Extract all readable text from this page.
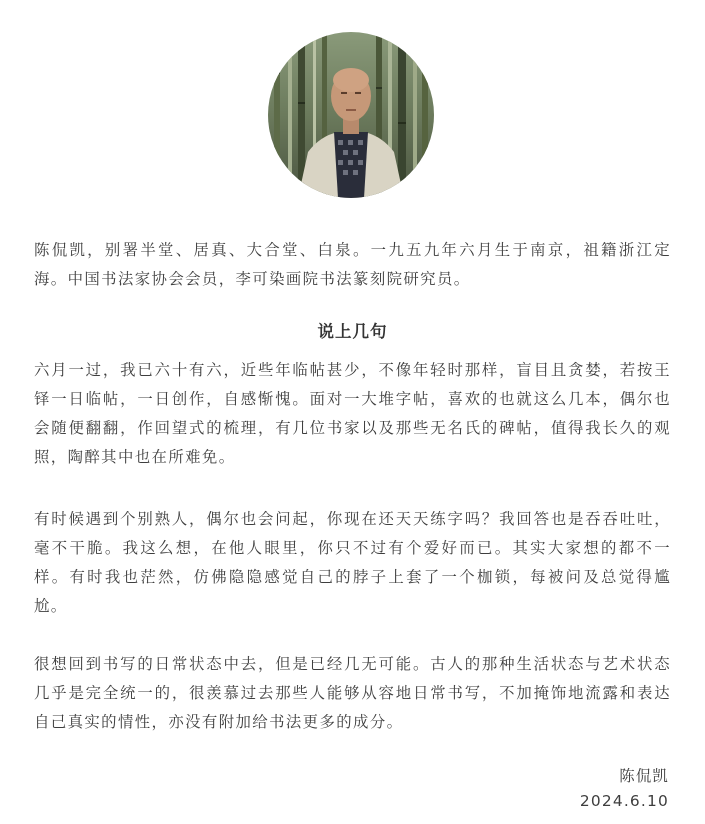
陈侃凯，别署半堂、居真、大合堂、白泉。一九五九年六月生于南京，祖籍浙江定海。中国书法家协会会员，李可染画院书法篆刻院研究员。

说上几句

六月一过，我已六十有六，近些年临帖甚少，不像年轻时那样，盲目且贪婪，若按王铎一日临帖，一日创作，自感惭愧。面对一大堆字帖，喜欢的也就这么几本，偶尔也会随便翻翻，作回望式的梳理，有几位书家以及那些无名氏的碑帖，值得我长久的观照，陶醉其中也在所难免。

有时候遇到个别熟人，偶尔也会问起，你现在还天天练字吗？我回答也是吞吞吐吐，毫不干脆。我这么想，在他人眼里，你只不过有个爱好而已。其实大家想的都不一样。有时我也茫然，仿佛隐隐感觉自己的脖子上套了一个枷锁，每被问及总觉得尴尬。

很想回到书写的日常状态中去，但是已经几无可能。古人的那种生活状态与艺术状态几乎是完全统一的，很羡慕过去那些人能够从容地日常书写，不加掩饰地流露和表达自己真实的情性，亦没有附加给书法更多的成分。

陈侃凯

2024.6.10
